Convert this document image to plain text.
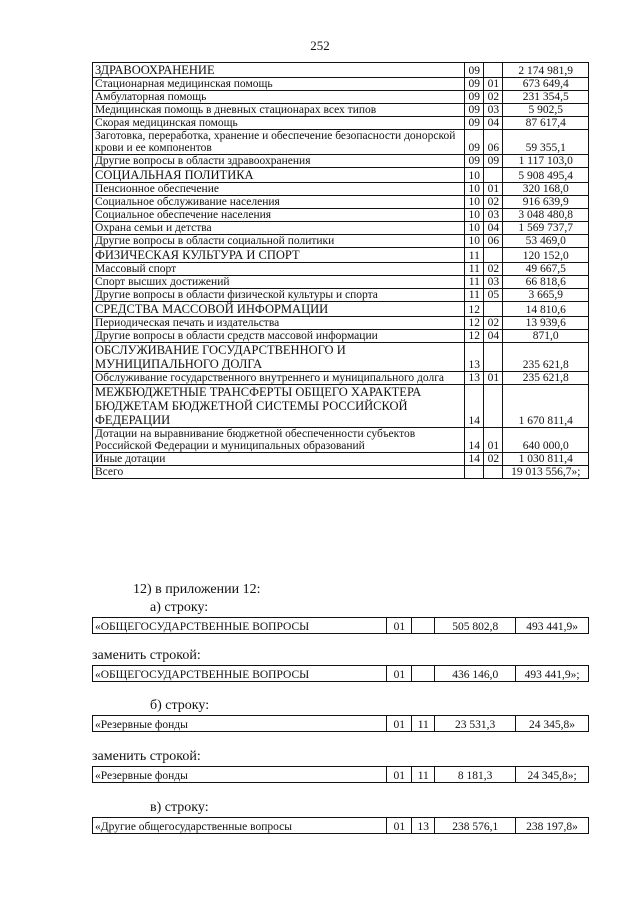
252
ЗДРАВООХРАНЕНИЕ	09		2 174 981,9
Стационарная медицинская помощь	09	01	673 649,4
Амбулаторная помощь	09	02	231 354,5
Медицинская помощь в дневных стационарах всех типов	09	03	5 902,5
Скорая медицинская помощь	09	04	87 617,4
Заготовка, переработка, хранение и обеспечение безопасности донорской крови и ее компонентов	09	06	59 355,1
Другие вопросы в области здравоохранения	09	09	1 117 103,0
СОЦИАЛЬНАЯ ПОЛИТИКА	10		5 908 495,4
Пенсионное обеспечение	10	01	320 168,0
Социальное обслуживание населения	10	02	916 639,9
Социальное обеспечение населения	10	03	3 048 480,8
Охрана семьи и детства	10	04	1 569 737,7
Другие вопросы в области социальной политики	10	06	53 469,0
ФИЗИЧЕСКАЯ КУЛЬТУРА И СПОРТ	11		120 152,0
Массовый спорт	11	02	49 667,5
Спорт высших достижений	11	03	66 818,6
Другие вопросы в области физической культуры и спорта	11	05	3 665,9
СРЕДСТВА МАССОВОЙ ИНФОРМАЦИИ	12		14 810,6
Периодическая печать и издательства	12	02	13 939,6
Другие вопросы в области средств массовой информации	12	04	871,0
ОБСЛУЖИВАНИЕ ГОСУДАРСТВЕННОГО И МУНИЦИПАЛЬНОГО ДОЛГА	13		235 621,8
Обслуживание государственного внутреннего и муниципального долга	13	01	235 621,8
МЕЖБЮДЖЕТНЫЕ ТРАНСФЕРТЫ ОБЩЕГО ХАРАКТЕРА БЮДЖЕТАМ БЮДЖЕТНОЙ СИСТЕМЫ РОССИЙСКОЙ ФЕДЕРАЦИИ	14		1 670 811,4
Дотации на выравнивание бюджетной обеспеченности субъектов Российской Федерации и муниципальных образований	14	01	640 000,0
Иные дотации	14	02	1 030 811,4
Всего			19 013 556,7»;
12) в приложении 12:
а) строку:
«ОБЩЕГОСУДАРСТВЕННЫЕ ВОПРОСЫ	01		505 802,8	493 441,9»
заменить строкой:
«ОБЩЕГОСУДАРСТВЕННЫЕ ВОПРОСЫ	01		436 146,0	493 441,9»;
б) строку:
«Резервные фонды	01	11	23 531,3	24 345,8»
заменить строкой:
«Резервные фонды	01	11	8 181,3	24 345,8»;
в) строку:
«Другие общегосударственные вопросы	01	13	238 576,1	238 197,8»
